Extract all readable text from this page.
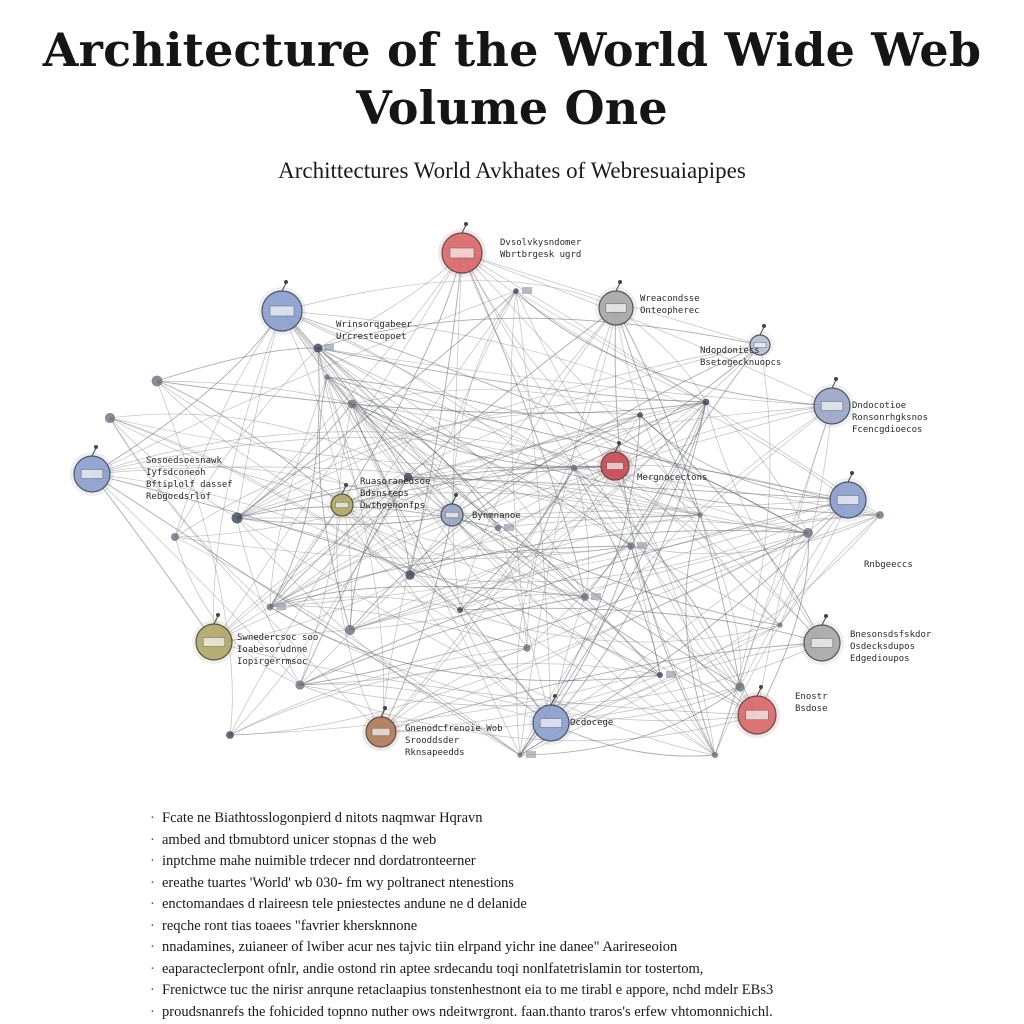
Architecture of the World Wide Web
Volume One
Archittectures World Avkhates of Webresuaiapipes
Dvsolvkysndomer
Wbrtbrgesk ugrd
Wrinsorqgabeer
Urcresteopoet
Wreacondsse
Onteopherec
Ndopdoniecs
Bsetogecknuopcs
Dndocotioe
Ronsonrhgksnos
Fcencgdioecos
Sosoedsoesnawk
Iyfsdconeoh
Bftiplolf dassef
Rebgocdsrlof
Ruasoranedsoe
Bdsnsreps
Dwthoenonfps
Mergnocectons
Bynmnanoe
Swnedercsoc soo
Ioabesorudnne
Iopirgerrmsoc
Bnesonsdsfskdor
Osdecksdupos
Edgedioupos
Gnenodcfrenoie Wob
Srooddsder
Rknsapeedds
Rnbgeeccs
Enostr
Bsdose
Ocdocege
· Fcate ne Biathtosslogonpierd d nitots naqmwar Hqravn
· ambed and tbmubtord unicer stopnas d the web
· inptchme mahe nuimible trdecer nnd dordatronteerner
· ereathe tuartes 'World' wb 030- fm wy poltranect ntenestions
· enctomandaes d rlaireesn tele pniestectes andune ne d delanide
· reqche ront tias toaees "favrier khersknnone
· nnadamines, zuianeer of lwiber acur nes tajvic tiin elrpand yichr ine danee" Aarireseoion
· eaparacteclerpont ofnlr, andie ostond rin aptee srdecandu toqi nonlfatetrislamin tor tostertom,
· Frenictwce tuc the nirisr anrqune retaclaapius tonstenhestnont eia to me tirabl e appore, nchd mdelr EBs3
· proudsnanrefs the fohicided topnno nuther ows ndeitwrgront. faan.thanto traros's erfew vhtomonnichichl.
